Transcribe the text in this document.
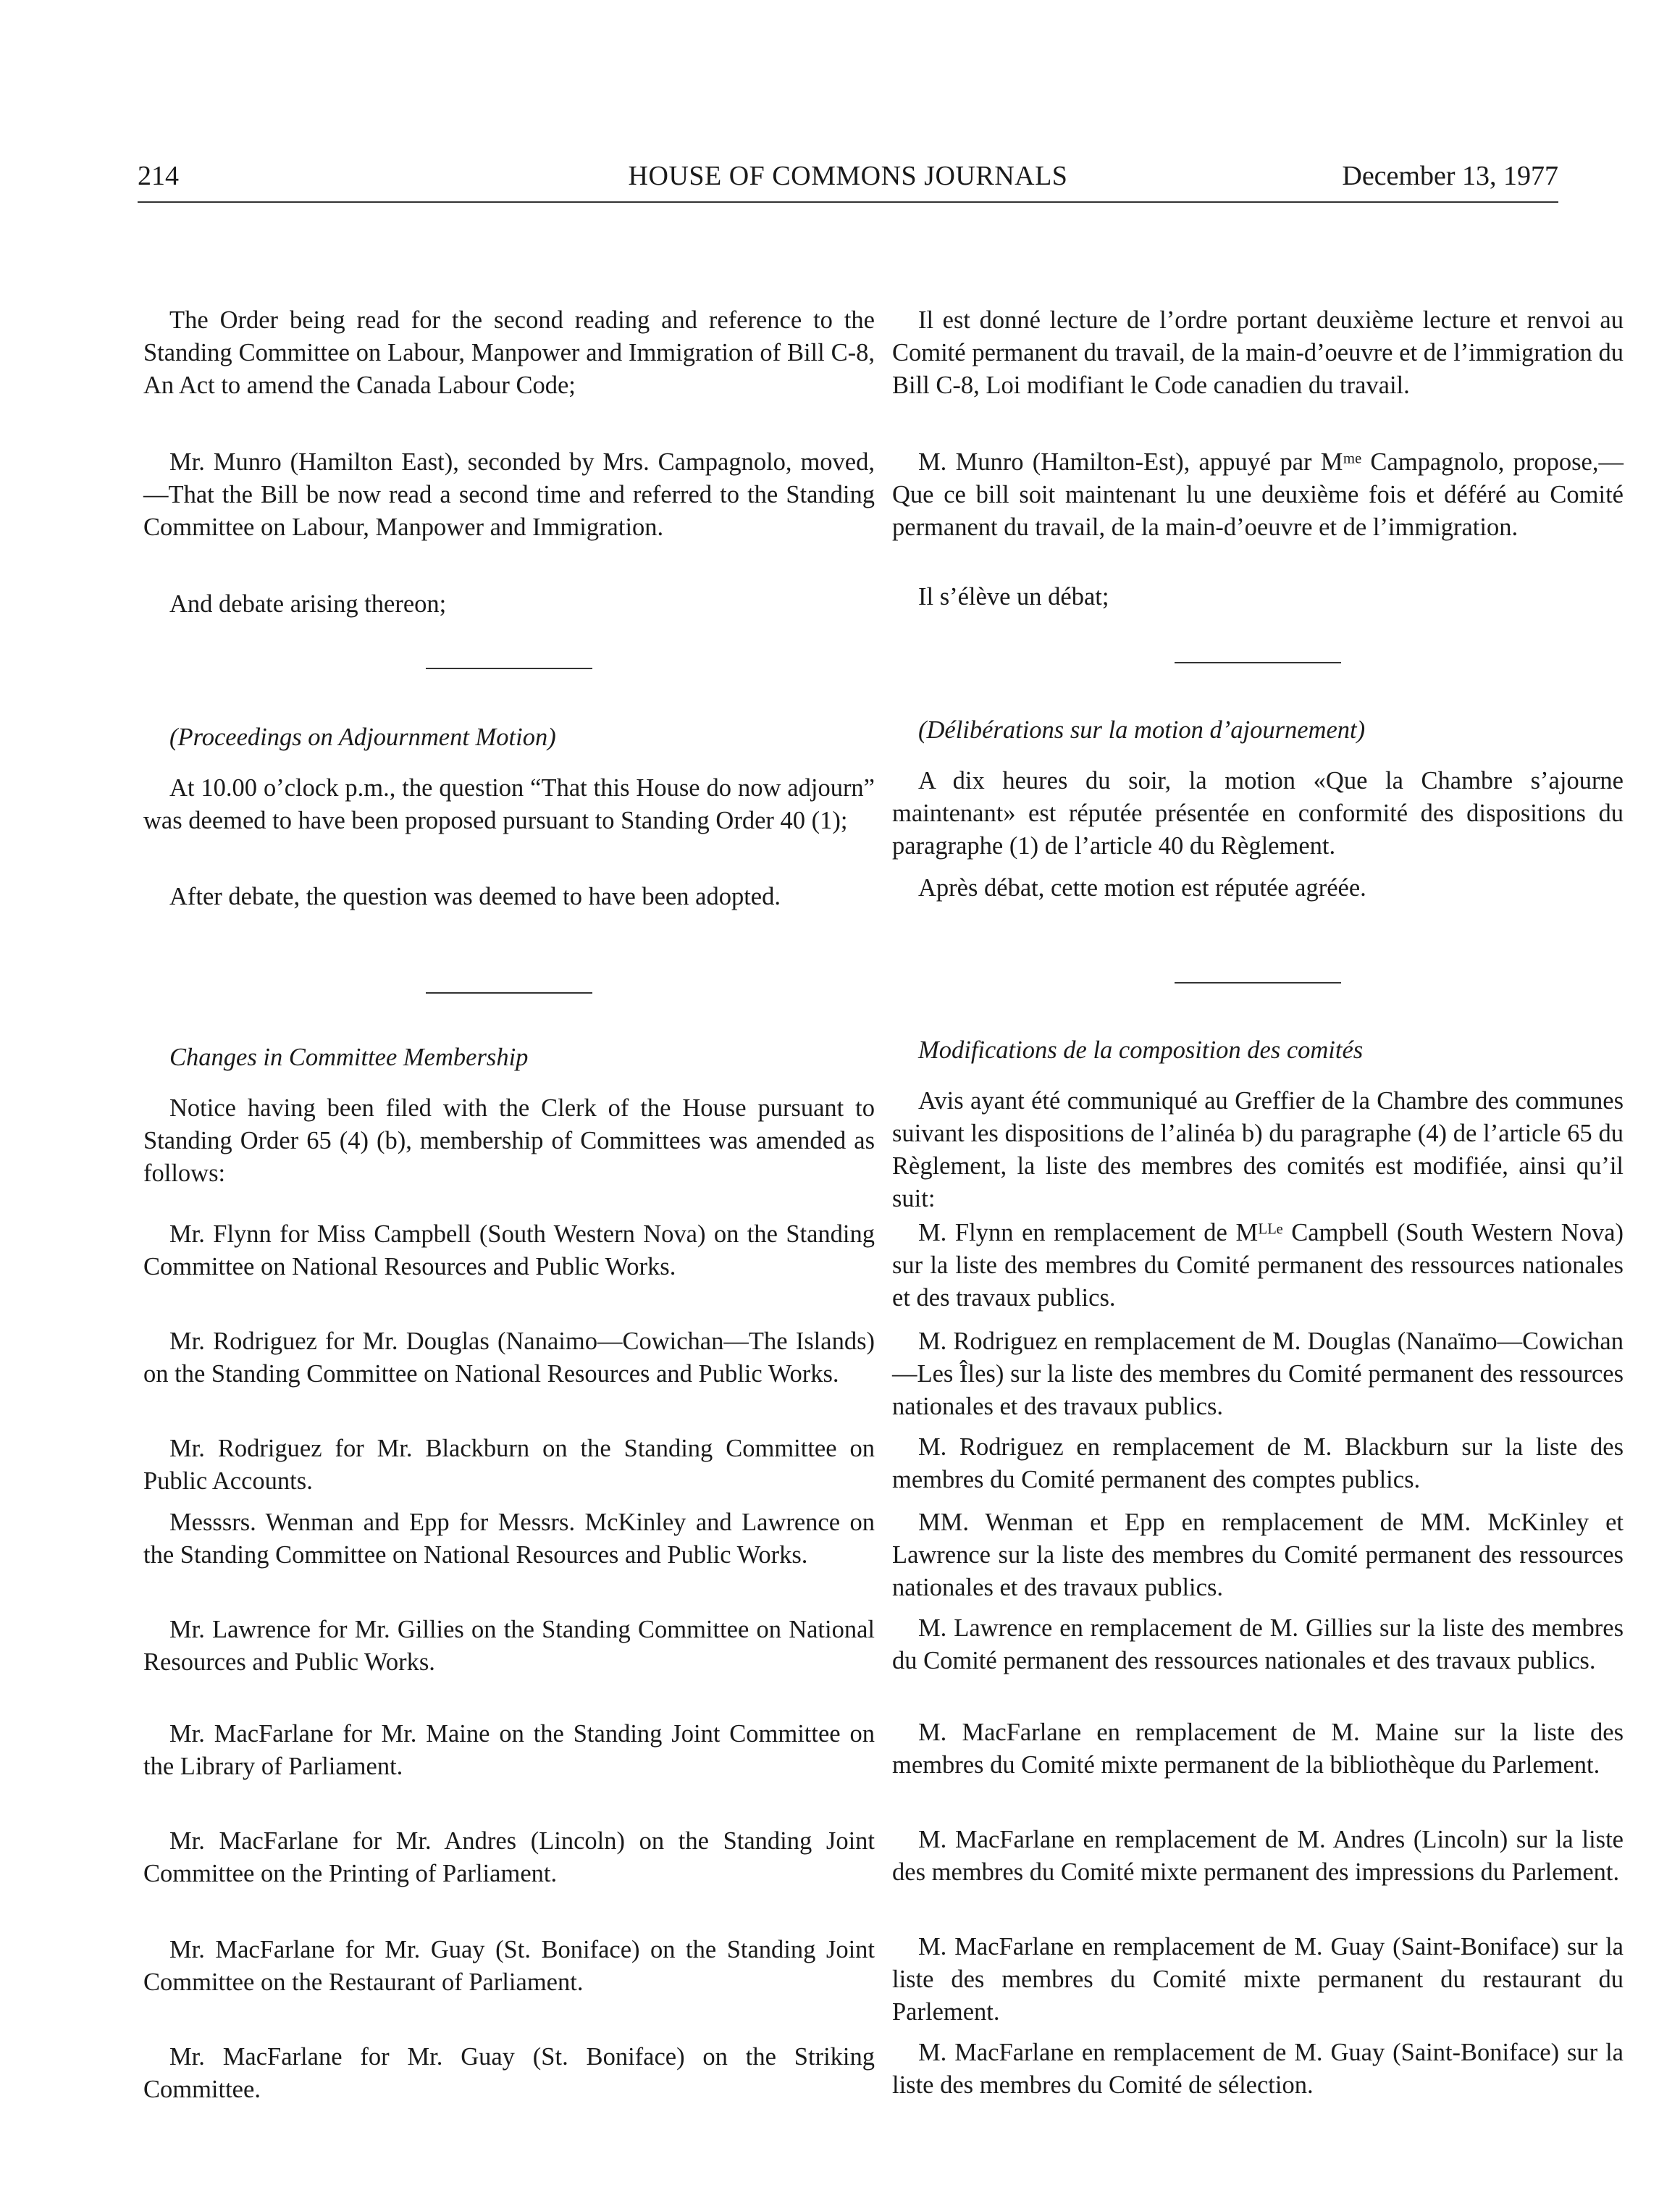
214	HOUSE OF COMMONS JOURNALS	December 13, 1977

The Order being read for the second reading and reference to the Standing Committee on Labour, Manpower and Immigration of Bill C-8, An Act to amend the Canada Labour Code;

Mr. Munro (Hamilton East), seconded by Mrs. Campagnolo, moved,—That the Bill be now read a second time and referred to the Standing Committee on Labour, Manpower and Immigration.

And debate arising thereon;

(Proceedings on Adjournment Motion)

At 10.00 o’clock p.m., the question “That this House do now adjourn” was deemed to have been proposed pursuant to Standing Order 40 (1);

After debate, the question was deemed to have been adopted.

Changes in Committee Membership

Notice having been filed with the Clerk of the House pursuant to Standing Order 65 (4) (b), membership of Committees was amended as follows:

Mr. Flynn for Miss Campbell (South Western Nova) on the Standing Committee on National Resources and Public Works.

Mr. Rodriguez for Mr. Douglas (Nanaimo—Cowichan—The Islands) on the Standing Committee on National Resources and Public Works.

Mr. Rodriguez for Mr. Blackburn on the Standing Committee on Public Accounts.

Messsrs. Wenman and Epp for Messrs. McKinley and Lawrence on the Standing Committee on National Resources and Public Works.

Mr. Lawrence for Mr. Gillies on the Standing Committee on National Resources and Public Works.

Mr. MacFarlane for Mr. Maine on the Standing Joint Committee on the Library of Parliament.

Mr. MacFarlane for Mr. Andres (Lincoln) on the Standing Joint Committee on the Printing of Parliament.

Mr. MacFarlane for Mr. Guay (St. Boniface) on the Standing Joint Committee on the Restaurant of Parliament.

Mr. MacFarlane for Mr. Guay (St. Boniface) on the Striking Committee.

Il est donné lecture de l’ordre portant deuxième lecture et renvoi au Comité permanent du travail, de la main-d’oeuvre et de l’immigration du Bill C-8, Loi modifiant le Code canadien du travail.

M. Munro (Hamilton-Est), appuyé par Mᵐᵉ Campagnolo, propose,—Que ce bill soit maintenant lu une deuxième fois et déféré au Comité permanent du travail, de la main-d’oeuvre et de l’immigration.

Il s’élève un débat;

(Délibérations sur la motion d’ajournement)

A dix heures du soir, la motion «Que la Chambre s’ajourne maintenant» est réputée présentée en conformité des dispositions du paragraphe (1) de l’article 40 du Règlement.

Après débat, cette motion est réputée agréée.

Modifications de la composition des comités

Avis ayant été communiqué au Greffier de la Chambre des communes suivant les dispositions de l’alinéa b) du paragraphe (4) de l’article 65 du Règlement, la liste des membres des comités est modifiée, ainsi qu’il suit:

M. Flynn en remplacement de Mᴸᴸᵉ Campbell (South Western Nova) sur la liste des membres du Comité permanent des ressources nationales et des travaux publics.

M. Rodriguez en remplacement de M. Douglas (Nanaïmo—Cowichan—Les Îles) sur la liste des membres du Comité permanent des ressources nationales et des travaux publics.

M. Rodriguez en remplacement de M. Blackburn sur la liste des membres du Comité permanent des comptes publics.

MM. Wenman et Epp en remplacement de MM. McKinley et Lawrence sur la liste des membres du Comité permanent des ressources nationales et des travaux publics.

M. Lawrence en remplacement de M. Gillies sur la liste des membres du Comité permanent des ressources nationales et des travaux publics.

M. MacFarlane en remplacement de M. Maine sur la liste des membres du Comité mixte permanent de la bibliothèque du Parlement.

M. MacFarlane en remplacement de M. Andres (Lincoln) sur la liste des membres du Comité mixte permanent des impressions du Parlement.

M. MacFarlane en remplacement de M. Guay (Saint-Boniface) sur la liste des membres du Comité mixte permanent du restaurant du Parlement.

M. MacFarlane en remplacement de M. Guay (Saint-Boniface) sur la liste des membres du Comité de sélection.
